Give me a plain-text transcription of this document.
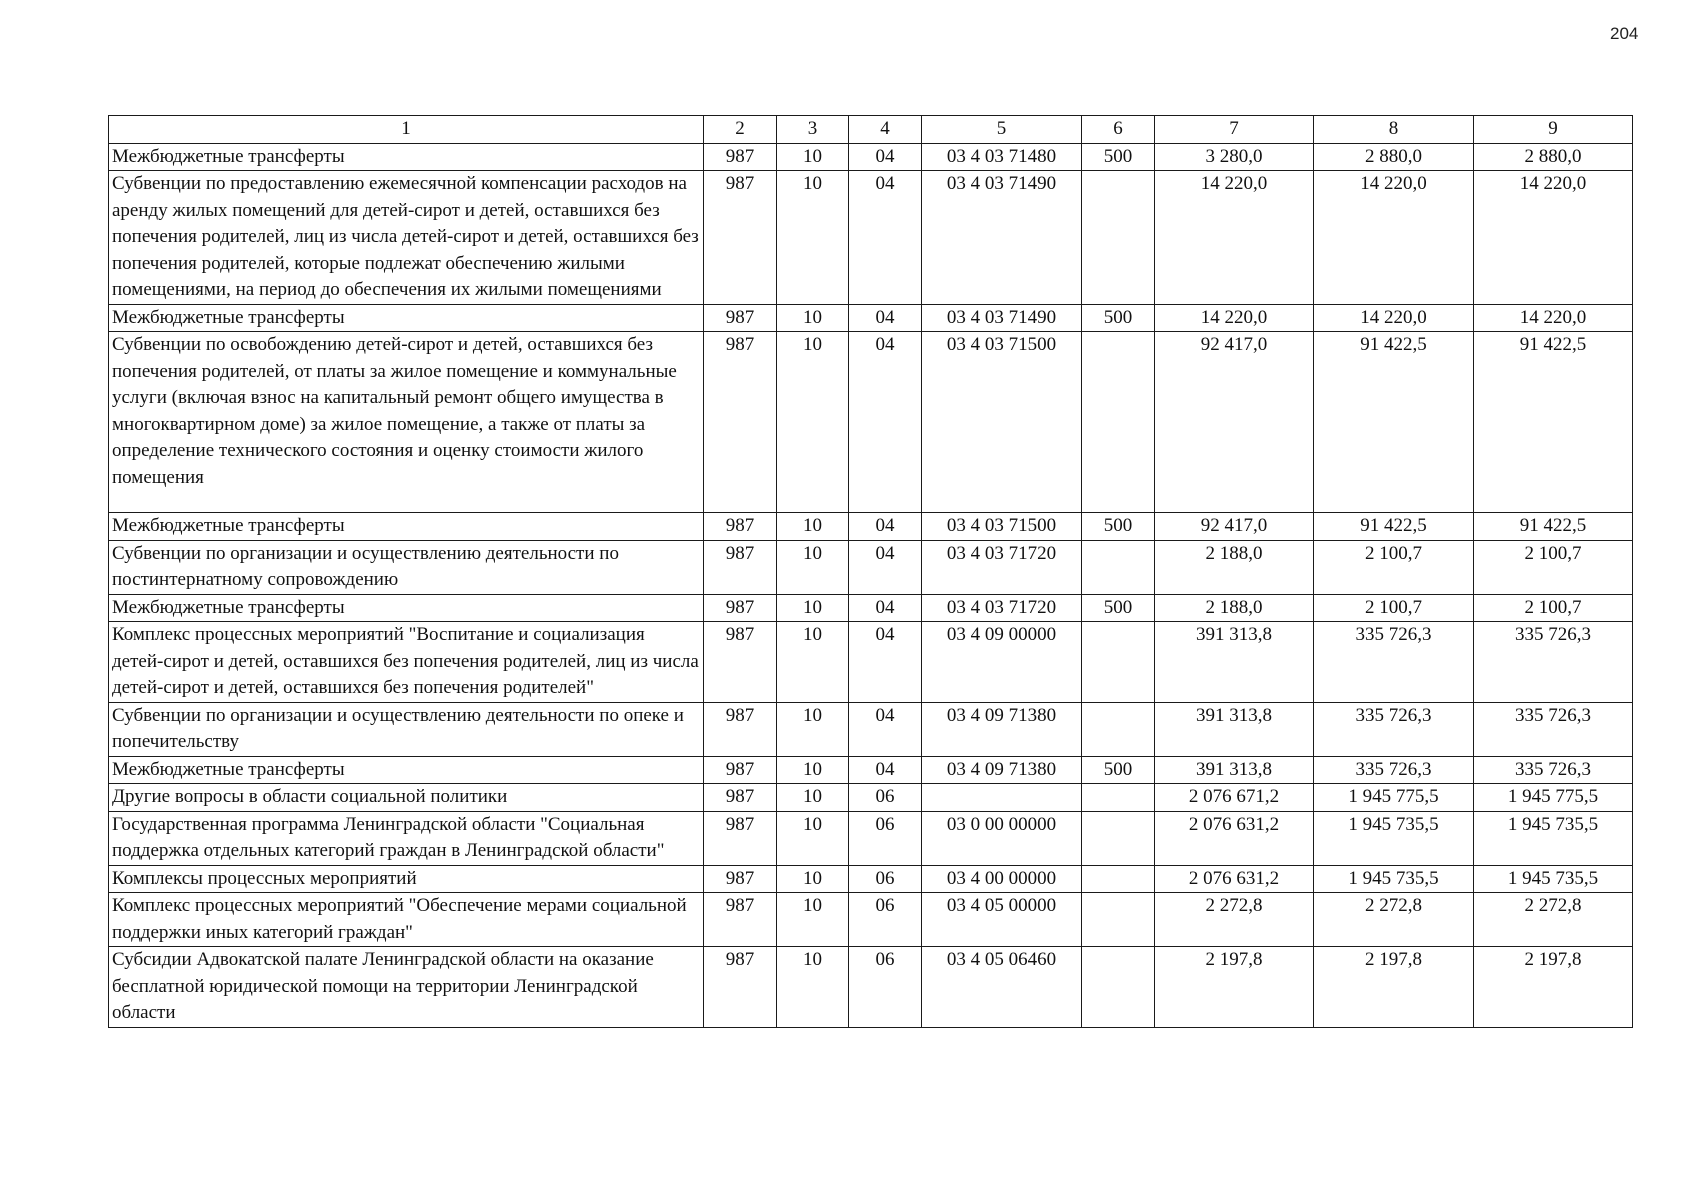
204
1	2	3	4	5	6	7	8	9
Межбюджетные трансферты	987	10	04	03 4 03 71480	500	3 280,0	2 880,0	2 880,0
Субвенции по предоставлению ежемесячной компенсации расходов на аренду жилых помещений для детей-сирот и детей, оставшихся без попечения родителей, лиц из числа детей-сирот и детей, оставшихся без попечения родителей, которые подлежат обеспечению жилыми помещениями, на период до обеспечения их жилыми помещениями	987	10	04	03 4 03 71490		14 220,0	14 220,0	14 220,0
Межбюджетные трансферты	987	10	04	03 4 03 71490	500	14 220,0	14 220,0	14 220,0
Субвенции по освобождению детей-сирот и детей, оставшихся без попечения родителей, от платы за жилое помещение и коммунальные услуги (включая взнос на капитальный ремонт общего имущества в многоквартирном доме) за жилое помещение, а также от платы за определение технического состояния и оценку стоимости жилого помещения	987	10	04	03 4 03 71500		92 417,0	91 422,5	91 422,5
Межбюджетные трансферты	987	10	04	03 4 03 71500	500	92 417,0	91 422,5	91 422,5
Субвенции по организации и осуществлению деятельности по постинтернатному сопровождению	987	10	04	03 4 03 71720		2 188,0	2 100,7	2 100,7
Межбюджетные трансферты	987	10	04	03 4 03 71720	500	2 188,0	2 100,7	2 100,7
Комплекс процессных мероприятий "Воспитание и социализация детей-сирот и детей, оставшихся без попечения родителей, лиц из числа детей-сирот и детей, оставшихся без попечения родителей"	987	10	04	03 4 09 00000		391 313,8	335 726,3	335 726,3
Субвенции по организации и осуществлению деятельности по опеке и попечительству	987	10	04	03 4 09 71380		391 313,8	335 726,3	335 726,3
Межбюджетные трансферты	987	10	04	03 4 09 71380	500	391 313,8	335 726,3	335 726,3
Другие вопросы в области социальной политики	987	10	06			2 076 671,2	1 945 775,5	1 945 775,5
Государственная программа Ленинградской области "Социальная поддержка отдельных категорий граждан в Ленинградской области"	987	10	06	03 0 00 00000		2 076 631,2	1 945 735,5	1 945 735,5
Комплексы процессных мероприятий	987	10	06	03 4 00 00000		2 076 631,2	1 945 735,5	1 945 735,5
Комплекс процессных мероприятий "Обеспечение мерами социальной поддержки иных категорий граждан"	987	10	06	03 4 05 00000		2 272,8	2 272,8	2 272,8
Субсидии Адвокатской палате Ленинградской области на оказание бесплатной юридической помощи на территории Ленинградской области	987	10	06	03 4 05 06460		2 197,8	2 197,8	2 197,8
